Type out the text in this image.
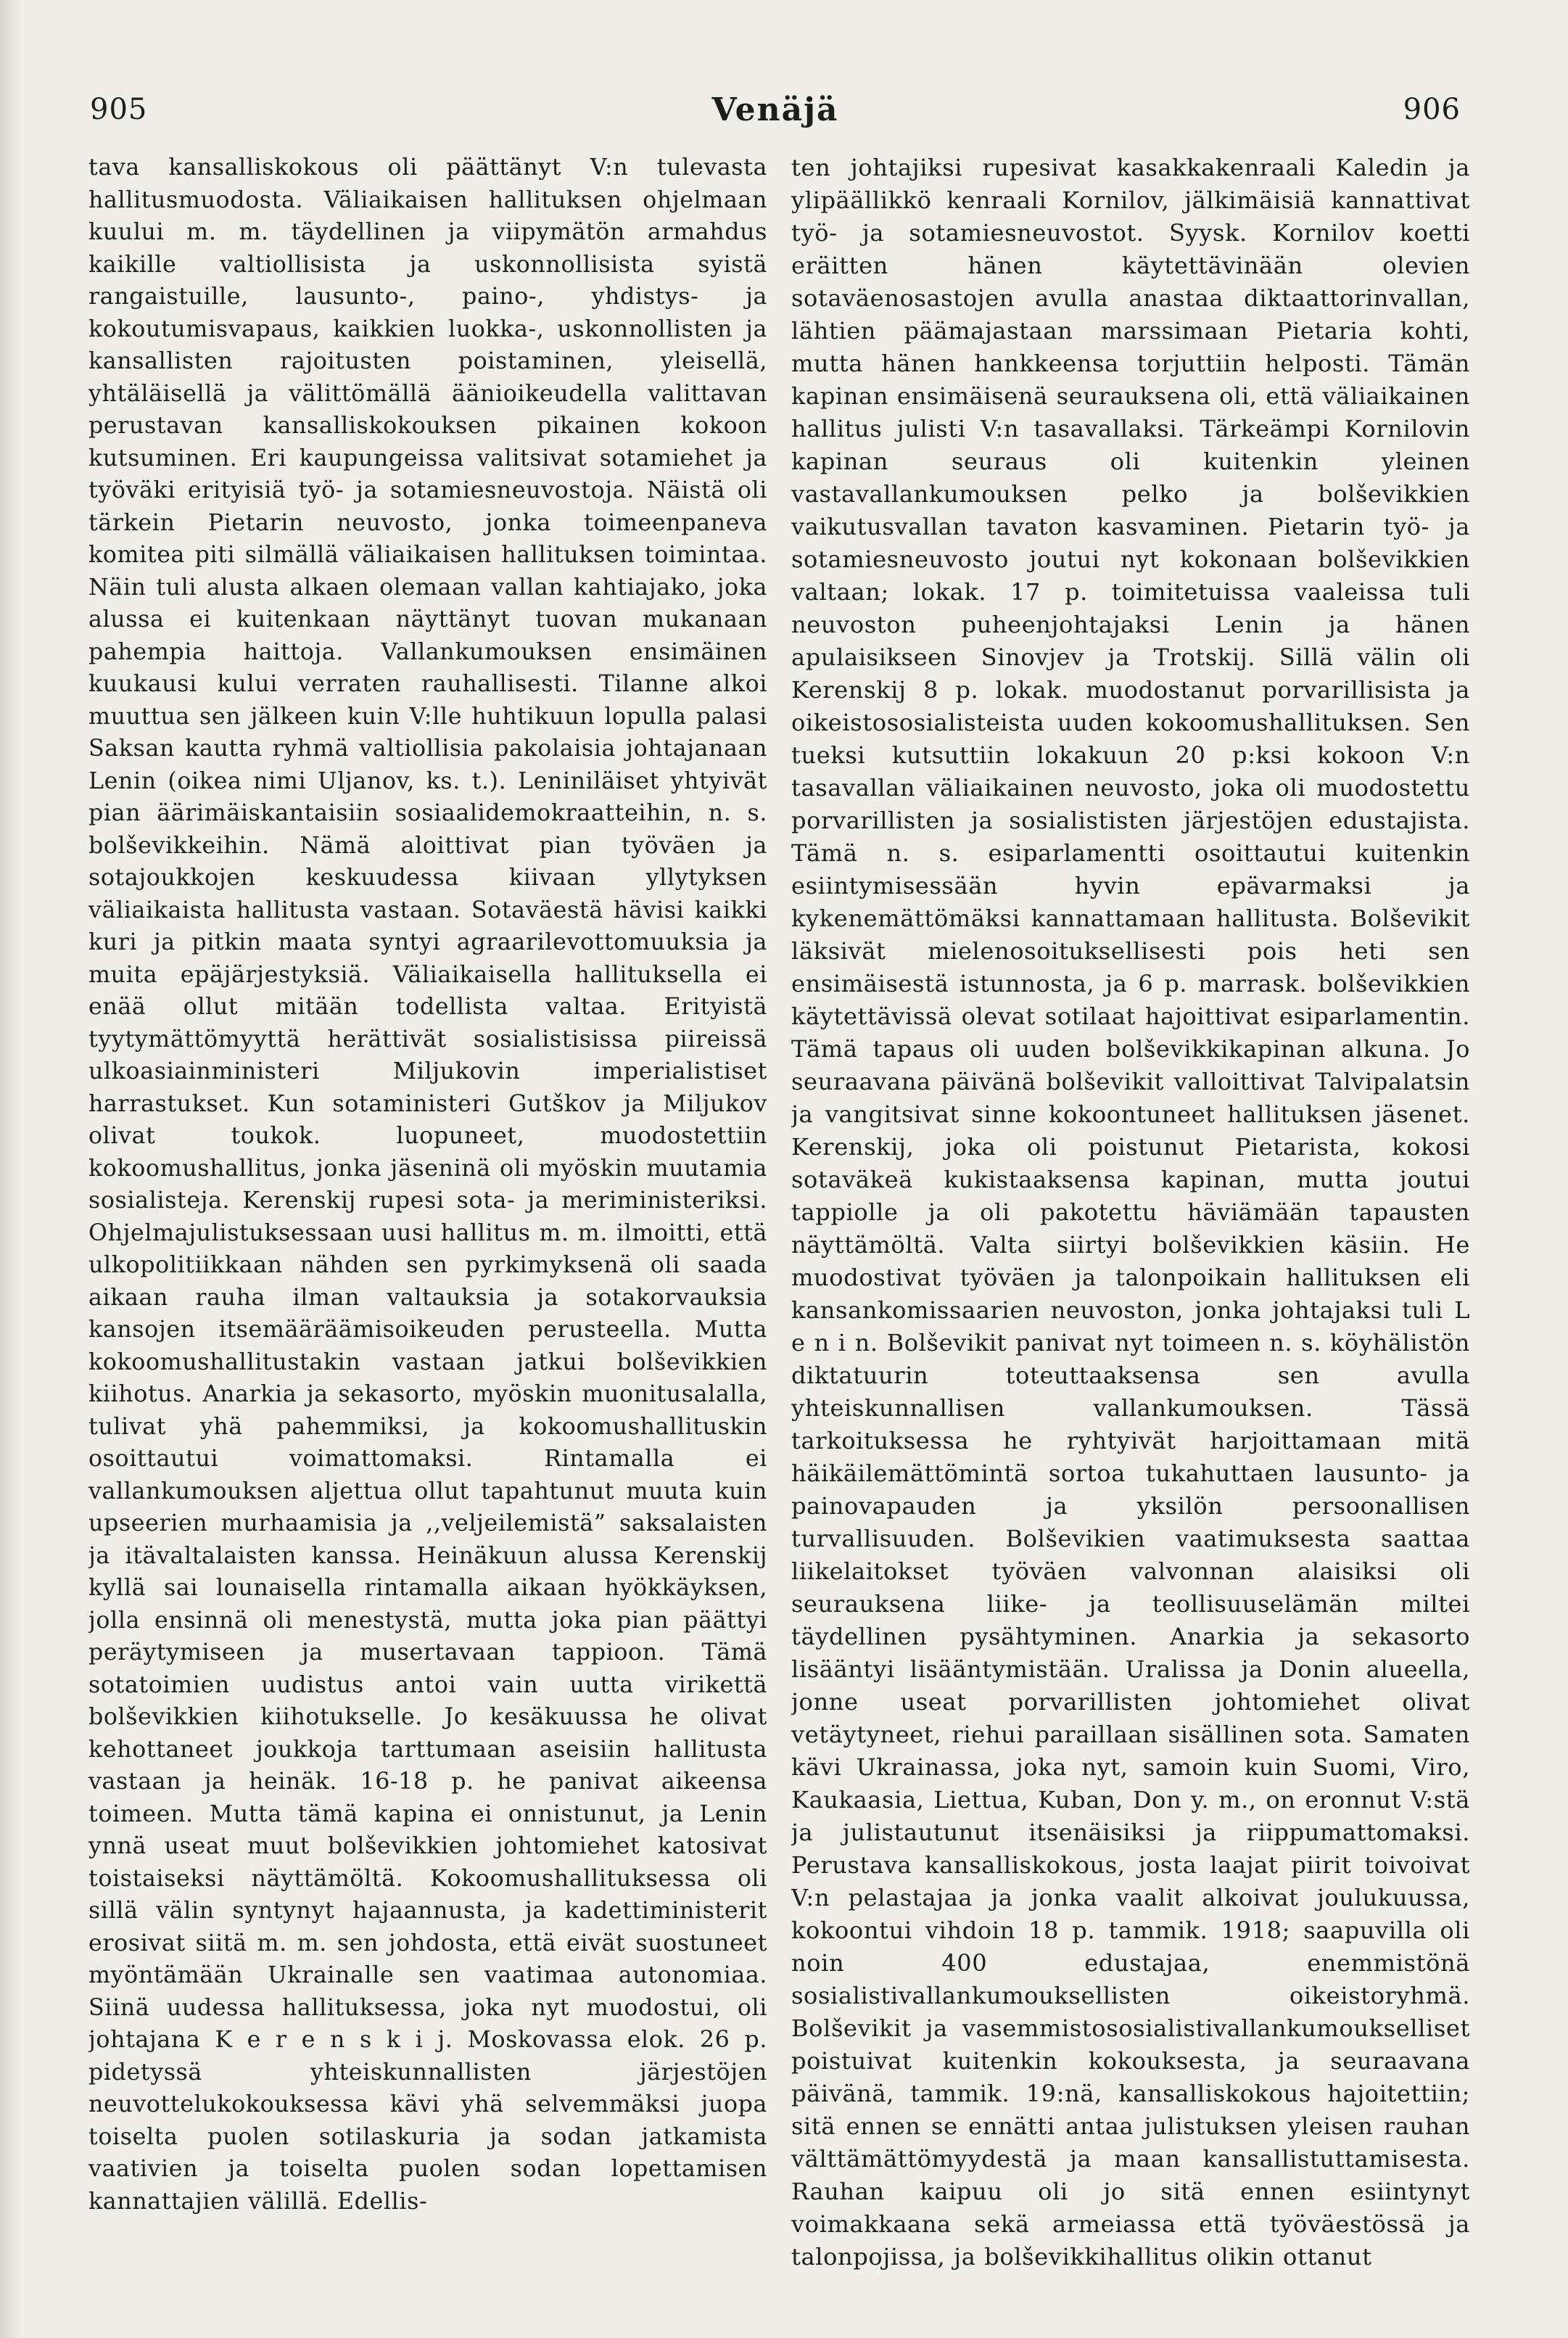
905	Venäjä	906

tava kansalliskokous oli päättänyt V:n tulevasta hallitusmuodosta. Väliaikaisen hallituksen ohjelmaan kuului m. m. täydellinen ja viipymätön armahdus kaikille valtiollisista ja uskonnollisista syistä rangaistuille, lausunto-, paino-, yhdistys- ja kokoutumisvapaus, kaikkien luokka-, uskonnollisten ja kansallisten rajoitusten poistaminen, yleisellä, yhtäläisellä ja välittömällä äänioikeudella valittavan perustavan kansalliskokouksen pikainen kokoon kutsuminen. Eri kaupungeissa valitsivat sotamiehet ja työväki erityisiä työ- ja sotamiesneuvostoja. Näistä oli tärkein Pietarin neuvosto, jonka toimeenpaneva komitea piti silmällä väliaikaisen hallituksen toimintaa. Näin tuli alusta alkaen olemaan vallan kahtiajako, joka alussa ei kuitenkaan näyttänyt tuovan mukanaan pahempia haittoja. Vallankumouksen ensimäinen kuukausi kului verraten rauhallisesti. Tilanne alkoi muuttua sen jälkeen kuin V:lle huhtikuun lopulla palasi Saksan kautta ryhmä valtiollisia pakolaisia johtajanaan Lenin (oikea nimi Uljanov, ks. t.). Leniniläiset yhtyivät pian äärimäiskantaisiin sosiaalidemokraatteihin, n. s. bolševikkeihin. Nämä aloittivat pian työväen ja sotajoukkojen keskuudessa kiivaan yllytyksen väliaikaista hallitusta vastaan. Sotaväestä hävisi kaikki kuri ja pitkin maata syntyi agraarilevottomuuksia ja muita epäjärjestyksiä. Väliaikaisella hallituksella ei enää ollut mitään todellista valtaa. Erityistä tyytymättömyyttä herättivät sosialistisissa piireissä ulkoasiainministeri Miljukovin imperialistiset harrastukset. Kun sotaministeri Gutškov ja Miljukov olivat toukok. luopuneet, muodostettiin kokoomushallitus, jonka jäseninä oli myöskin muutamia sosialisteja. Kerenskij rupesi sota- ja meriministeriksi. Ohjelmajulistuksessaan uusi hallitus m. m. ilmoitti, että ulkopolitiikkaan nähden sen pyrkimyksenä oli saada aikaan rauha ilman valtauksia ja sotakorvauksia kansojen itsemääräämisoikeuden perusteella. Mutta kokoomushallitustakin vastaan jatkui bolševikkien kiihotus. Anarkia ja sekasorto, myöskin muonitusalalla, tulivat yhä pahemmiksi, ja kokoomushallituskin osoittautui voimattomaksi. Rintamalla ei vallankumouksen aljettua ollut tapahtunut muuta kuin upseerien murhaamisia ja ,,veljeilemistä” saksalaisten ja itävaltalaisten kanssa. Heinäkuun alussa Kerenskij kyllä sai lounaisella rintamalla aikaan hyökkäyksen, jolla ensinnä oli menestystä, mutta joka pian päättyi peräytymiseen ja musertavaan tappioon. Tämä sotatoimien uudistus antoi vain uutta virikettä bolševikkien kiihotukselle. Jo kesäkuussa he olivat kehottaneet joukkoja tarttumaan aseisiin hallitusta vastaan ja heinäk. 16-18 p. he panivat aikeensa toimeen. Mutta tämä kapina ei onnistunut, ja Lenin ynnä useat muut bolševikkien johtomiehet katosivat toistaiseksi näyttämöltä. Kokoomushallituksessa oli sillä välin syntynyt hajaannusta, ja kadettiministerit erosivat siitä m. m. sen johdosta, että eivät suostuneet myöntämään Ukrainalle sen vaatimaa autonomiaa. Siinä uudessa hallituksessa, joka nyt muodostui, oli johtajana K e r e n s k i j. Moskovassa elok. 26 p. pidetyssä yhteiskunnallisten järjestöjen neuvottelukokouksessa kävi yhä selvemmäksi juopa toiselta puolen sotilaskuria ja sodan jatkamista vaativien ja toiselta puolen sodan lopettamisen kannattajien välillä. Edellis-

ten johtajiksi rupesivat kasakkakenraali Kaledin ja ylipäällikkö kenraali Kornilov, jälkimäisiä kannattivat työ- ja sotamiesneuvostot. Syysk. Kornilov koetti eräitten hänen käytettävinään olevien sotaväenosastojen avulla anastaa diktaattorinvallan, lähtien päämajastaan marssimaan Pietaria kohti, mutta hänen hankkeensa torjuttiin helposti. Tämän kapinan ensimäisenä seurauksena oli, että väliaikainen hallitus julisti V:n tasavallaksi. Tärkeämpi Kornilovin kapinan seuraus oli kuitenkin yleinen vastavallankumouksen pelko ja bolševikkien vaikutusvallan tavaton kasvaminen. Pietarin työ- ja sotamiesneuvosto joutui nyt kokonaan bolševikkien valtaan; lokak. 17 p. toimitetuissa vaaleissa tuli neuvoston puheenjohtajaksi Lenin ja hänen apulaisikseen Sinovjev ja Trotskij. Sillä välin oli Kerenskij 8 p. lokak. muodostanut porvarillisista ja oikeistososialisteista uuden kokoomushallituksen. Sen tueksi kutsuttiin lokakuun 20 p:ksi kokoon V:n tasavallan väliaikainen neuvosto, joka oli muodostettu porvarillisten ja sosialististen järjestöjen edustajista. Tämä n. s. esiparlamentti osoittautui kuitenkin esiintymisessään hyvin epävarmaksi ja kykenemättömäksi kannattamaan hallitusta. Bolševikit läksivät mielenosoituksellisesti pois heti sen ensimäisestä istunnosta, ja 6 p. marrask. bolševikkien käytettävissä olevat sotilaat hajoittivat esiparlamentin. Tämä tapaus oli uuden bolševikkikapinan alkuna. Jo seuraavana päivänä bolševikit valloittivat Talvipalatsin ja vangitsivat sinne kokoontuneet hallituksen jäsenet. Kerenskij, joka oli poistunut Pietarista, kokosi sotaväkeä kukistaaksensa kapinan, mutta joutui tappiolle ja oli pakotettu häviämään tapausten näyttämöltä. Valta siirtyi bolševikkien käsiin. He muodostivat työväen ja talonpoikain hallituksen eli kansankomissaarien neuvoston, jonka johtajaksi tuli L e n i n. Bolševikit panivat nyt toimeen n. s. köyhälistön diktatuurin toteuttaaksensa sen avulla yhteiskunnallisen vallankumouksen. Tässä tarkoituksessa he ryhtyivät harjoittamaan mitä häikäilemättömintä sortoa tukahuttaen lausunto- ja painovapauden ja yksilön persoonallisen turvallisuuden. Bolševikien vaatimuksesta saattaa liikelaitokset työväen valvonnan alaisiksi oli seurauksena liike- ja teollisuuselämän miltei täydellinen pysähtyminen. Anarkia ja sekasorto lisääntyi lisääntymistään. Uralissa ja Donin alueella, jonne useat porvarillisten johtomiehet olivat vetäytyneet, riehui paraillaan sisällinen sota. Samaten kävi Ukrainassa, joka nyt, samoin kuin Suomi, Viro, Kaukaasia, Liettua, Kuban, Don y. m., on eronnut V:stä ja julistautunut itsenäisiksi ja riippumattomaksi. Perustava kansalliskokous, josta laajat piirit toivoivat V:n pelastajaa ja jonka vaalit alkoivat joulukuussa, kokoontui vihdoin 18 p. tammik. 1918; saapuvilla oli noin 400 edustajaa, enemmistönä sosialistivallankumouksellisten oikeistoryhmä. Bolševikit ja vasemmistososialistivallankumoukselliset poistuivat kuitenkin kokouksesta, ja seuraavana päivänä, tammik. 19:nä, kansalliskokous hajoitettiin; sitä ennen se ennätti antaa julistuksen yleisen rauhan välttämättömyydestä ja maan kansallistuttamisesta. Rauhan kaipuu oli jo sitä ennen esiintynyt voimakkaana sekä armeiassa että työväestössä ja talonpojissa, ja bolševikkihallitus olikin ottanut
